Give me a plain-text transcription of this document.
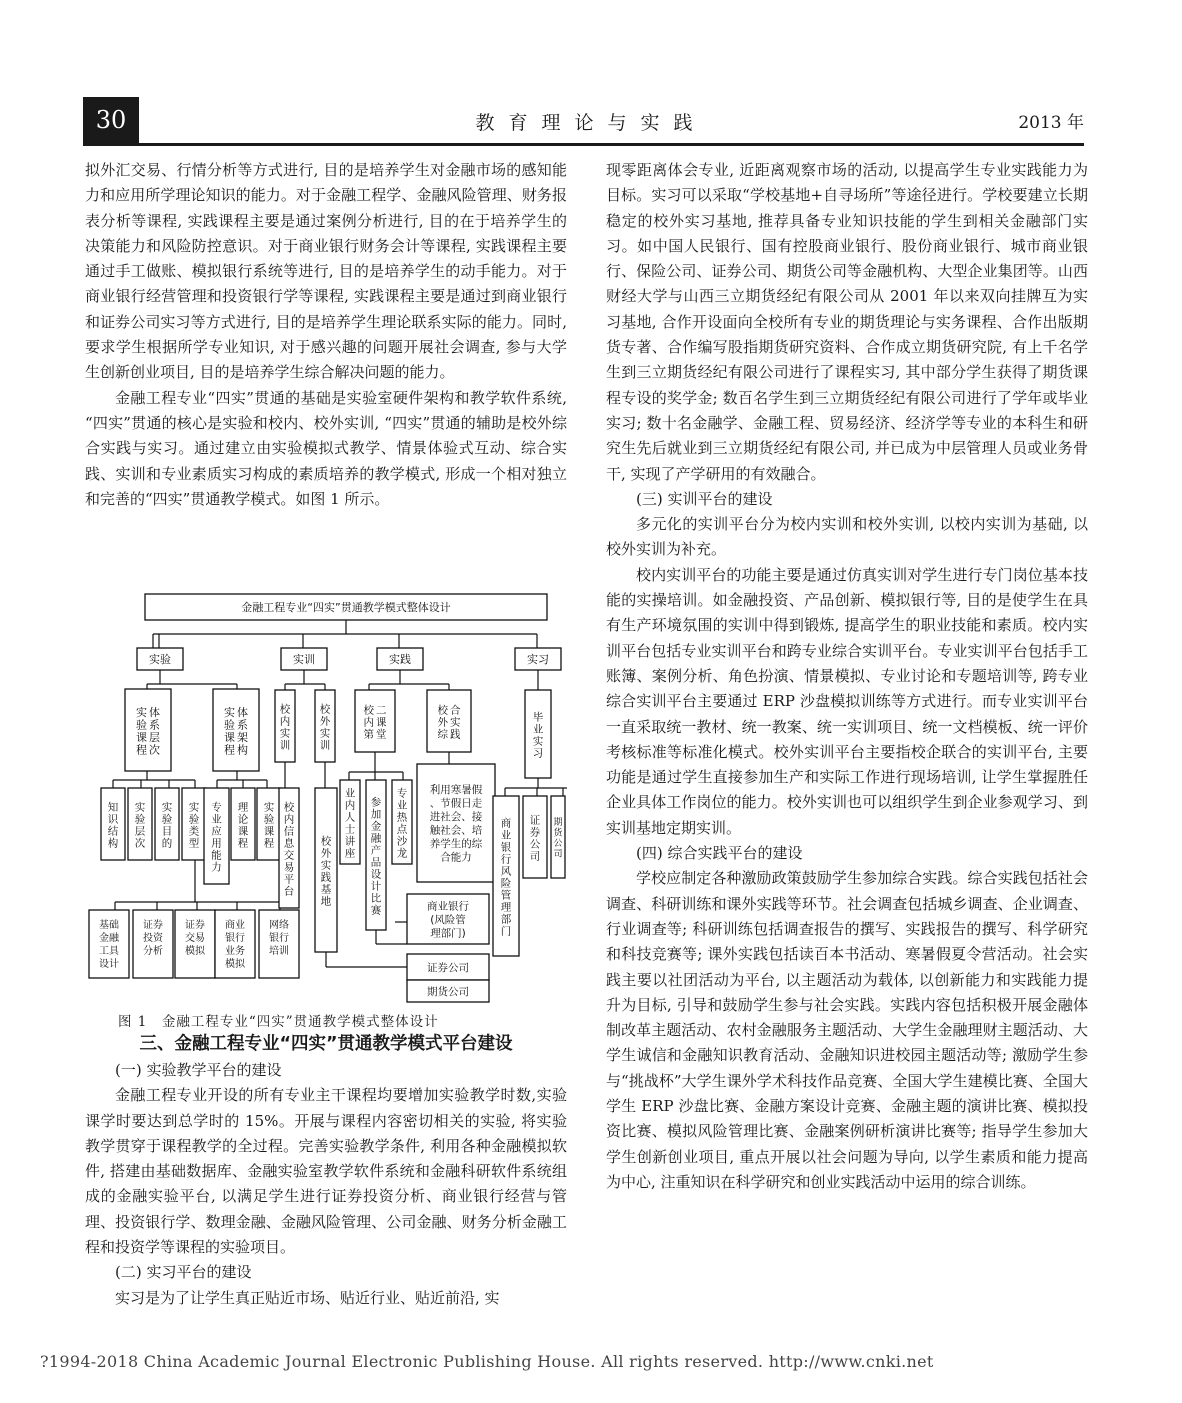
30	教育理论与实践	2013 年

拟外汇交易、行情分析等方式进行, 目的是培养学生对金融市场的感知能力和应用所学理论知识的能力。对于金融工程学、金融风险管理、财务报表分析等课程, 实践课程主要是通过案例分析进行, 目的在于培养学生的决策能力和风险防控意识。对于商业银行财务会计等课程, 实践课程主要通过手工做账、模拟银行系统等进行, 目的是培养学生的动手能力。对于商业银行经营管理和投资银行学等课程, 实践课程主要是通过到商业银行和证券公司实习等方式进行, 目的是培养学生理论联系实际的能力。同时, 要求学生根据所学专业知识, 对于感兴趣的问题开展社会调查, 参与大学生创新创业项目, 目的是培养学生综合解决问题的能力。

金融工程专业“四实”贯通的基础是实验室硬件架构和教学软件系统, “四实”贯通的核心是实验和校内、校外实训, “四实”贯通的辅助是校外综合实践与实习。通过建立由实验模拟式教学、情景体验式互动、综合实践、实训和专业素质实习构成的素质培养的教学模式, 形成一个相对独立和完善的“四实”贯通教学模式。如图 1 所示。

金融工程专业“四实”贯通教学模式整体设计
实验	实训	实践	实习
实
验
课
程
体
系
层
次
实
验
课
程
体
系
架
构
知
识
结
构
实
验
层
次
实
验
目
的
实
验
类
型
专
业
应
用
能
力
理
论
课
程
实
验
课
程
基础
金融
工具
设计
证券
投资
分析
证券
交易
模拟
商业
银行
业务
模拟
网络
银行
培训
校
内
实
训
校
外
实
训
校
内
信
息
交
易
平
台
校
外
实
践
基
地
校
内
第
二
课
堂
校
外
综
合
实
践
业
内
人
士
讲
座
参
加
金
融
产
品
设
计
比
赛
专
业
热
点
沙
龙
利用寒暑假
、节假日走
进社会、接
触社会、培
养学生的综
合能力
毕
业
实
习
商
业
银
行
风
险
管
理
部
门
证
券
公
司
期
货
公
司
商业银行
(风险管
理部门)
证券公司
期货公司
图 1　金融工程专业“四实”贯通教学模式整体设计
三、金融工程专业“四实”贯通教学模式平台建设

(一) 实验教学平台的建设

金融工程专业开设的所有专业主干课程均要增加实验教学时数,实验课学时要达到总学时的 15%。开展与课程内容密切相关的实验, 将实验教学贯穿于课程教学的全过程。完善实验教学条件, 利用各种金融模拟软件, 搭建由基础数据库、金融实验室教学软件系统和金融科研软件系统组成的金融实验平台, 以满足学生进行证券投资分析、商业银行经营与管理、投资银行学、数理金融、金融风险管理、公司金融、财务分析金融工程和投资学等课程的实验项目。

(二) 实习平台的建设

实习是为了让学生真正贴近市场、贴近行业、贴近前沿, 实

现零距离体会专业, 近距离观察市场的活动, 以提高学生专业实践能力为目标。实习可以采取“学校基地+自寻场所”等途径进行。学校要建立长期稳定的校外实习基地, 推荐具备专业知识技能的学生到相关金融部门实习。如中国人民银行、国有控股商业银行、股份商业银行、城市商业银行、保险公司、证券公司、期货公司等金融机构、大型企业集团等。山西财经大学与山西三立期货经纪有限公司从 2001 年以来双向挂牌互为实习基地, 合作开设面向全校所有专业的期货理论与实务课程、合作出版期货专著、合作编写股指期货研究资料、合作成立期货研究院, 有上千名学生到三立期货经纪有限公司进行了课程实习, 其中部分学生获得了期货课程专设的奖学金; 数百名学生到三立期货经纪有限公司进行了学年或毕业实习; 数十名金融学、金融工程、贸易经济、经济学等专业的本科生和研究生先后就业到三立期货经纪有限公司, 并已成为中层管理人员或业务骨干, 实现了产学研用的有效融合。

(三) 实训平台的建设

多元化的实训平台分为校内实训和校外实训, 以校内实训为基础, 以校外实训为补充。

校内实训平台的功能主要是通过仿真实训对学生进行专门岗位基本技能的实操培训。如金融投资、产品创新、模拟银行等, 目的是使学生在具有生产环境氛围的实训中得到锻炼, 提高学生的职业技能和素质。校内实训平台包括专业实训平台和跨专业综合实训平台。专业实训平台包括手工账簿、案例分析、角色扮演、情景模拟、专业讨论和专题培训等, 跨专业综合实训平台主要通过 ERP 沙盘模拟训练等方式进行。而专业实训平台一直采取统一教材、统一教案、统一实训项目、统一文档模板、统一评价考核标准等标准化模式。校外实训平台主要指校企联合的实训平台, 主要功能是通过学生直接参加生产和实际工作进行现场培训, 让学生掌握胜任企业具体工作岗位的能力。校外实训也可以组织学生到企业参观学习、到实训基地定期实训。

(四) 综合实践平台的建设

学校应制定各种激励政策鼓励学生参加综合实践。综合实践包括社会调查、科研训练和课外实践等环节。社会调查包括城乡调查、企业调查、行业调查等; 科研训练包括调查报告的撰写、实践报告的撰写、科学研究和科技竞赛等; 课外实践包括读百本书活动、寒暑假夏令营活动。社会实践主要以社团活动为平台, 以主题活动为载体, 以创新能力和实践能力提升为目标, 引导和鼓励学生参与社会实践。实践内容包括积极开展金融体制改革主题活动、农村金融服务主题活动、大学生金融理财主题活动、大学生诚信和金融知识教育活动、金融知识进校园主题活动等; 激励学生参与“挑战杯”大学生课外学术科技作品竞赛、全国大学生建模比赛、全国大学生 ERP 沙盘比赛、金融方案设计竞赛、金融主题的演讲比赛、模拟投资比赛、模拟风险管理比赛、金融案例研析演讲比赛等; 指导学生参加大学生创新创业项目, 重点开展以社会问题为导向, 以学生素质和能力提高为中心, 注重知识在科学研究和创业实践活动中运用的综合训练。

?1994-2018 China Academic Journal Electronic Publishing House. All rights reserved. http://www.cnki.net
